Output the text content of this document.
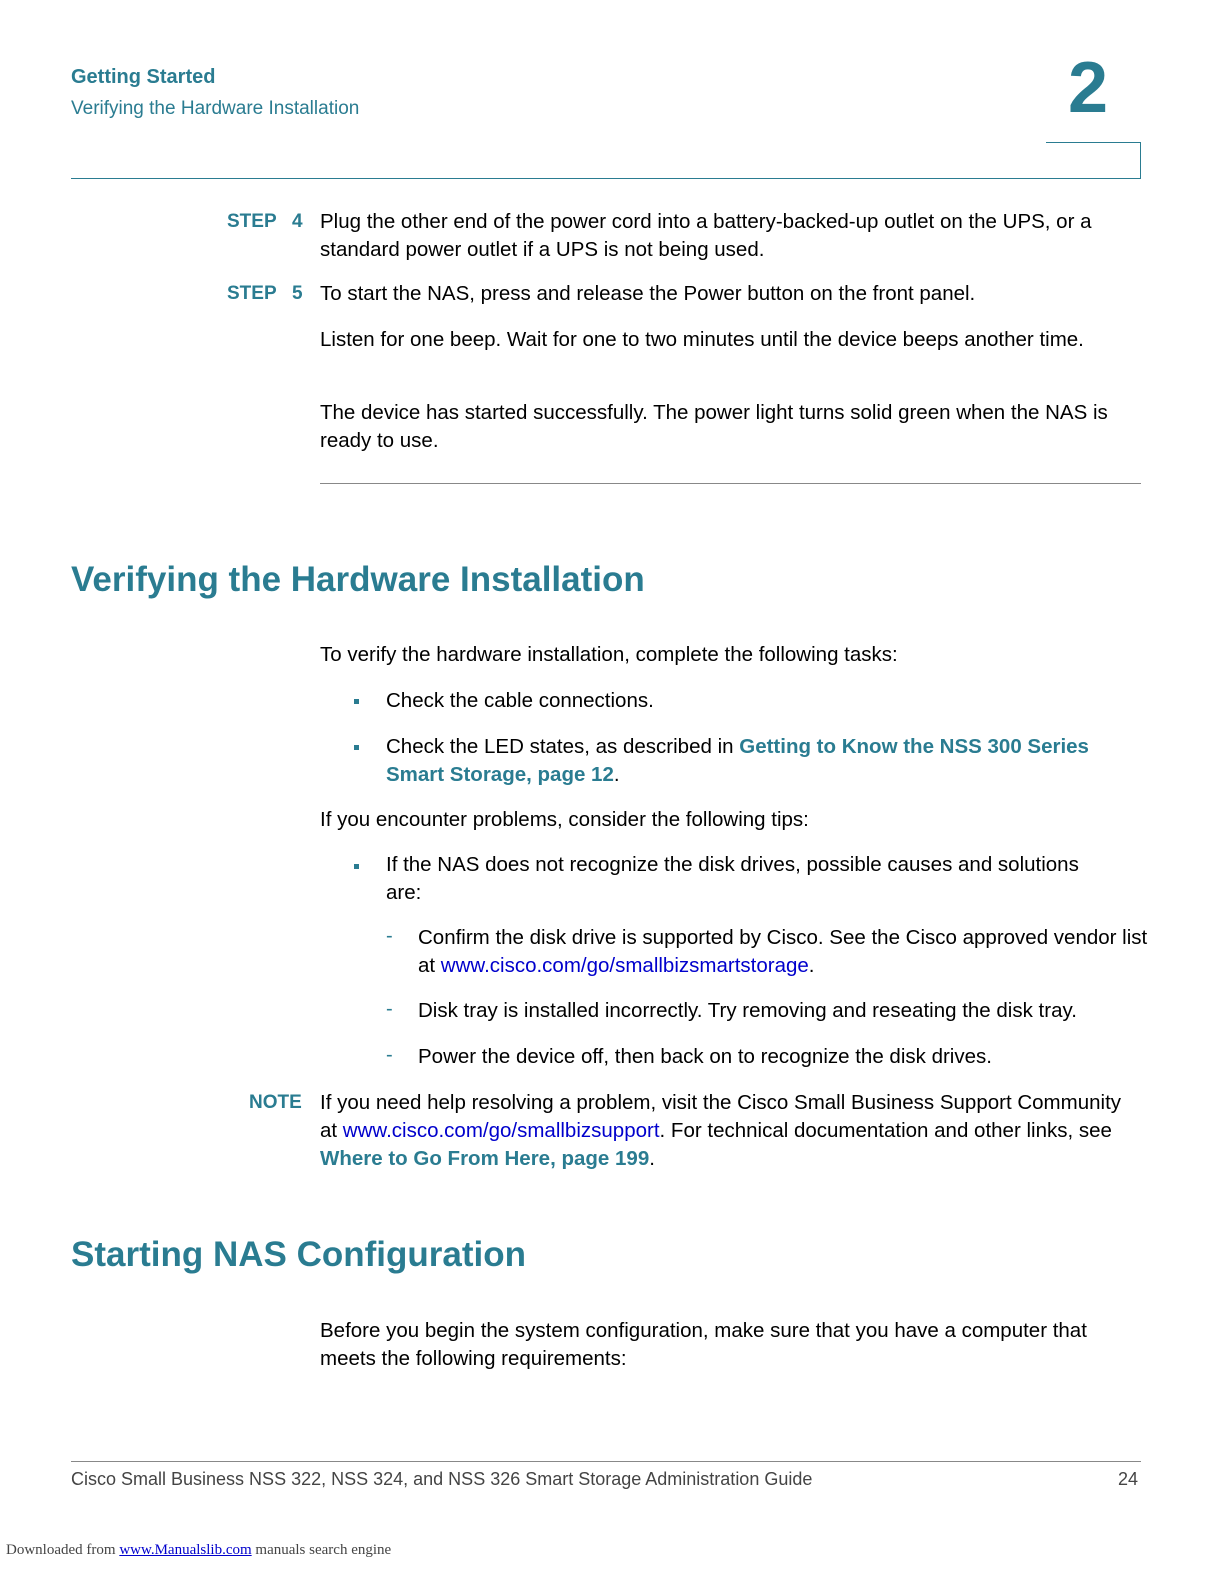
Getting Started
Verifying the Hardware Installation	2
STEP 4 Plug the other end of the power cord into a battery-backed-up outlet on the UPS, or a standard power outlet if a UPS is not being used.
STEP 5 To start the NAS, press and release the Power button on the front panel.
Listen for one beep. Wait for one to two minutes until the device beeps another time.
The device has started successfully. The power light turns solid green when the NAS is ready to use.
Verifying the Hardware Installation
To verify the hardware installation, complete the following tasks:
Check the cable connections.
Check the LED states, as described in Getting to Know the NSS 300 Series Smart Storage, page 12.
If you encounter problems, consider the following tips:
If the NAS does not recognize the disk drives, possible causes and solutions are:
- Confirm the disk drive is supported by Cisco. See the Cisco approved vendor list at www.cisco.com/go/smallbizsmartstorage.
- Disk tray is installed incorrectly. Try removing and reseating the disk tray.
- Power the device off, then back on to recognize the disk drives.
NOTE If you need help resolving a problem, visit the Cisco Small Business Support Community at www.cisco.com/go/smallbizsupport. For technical documentation and other links, see Where to Go From Here, page 199.
Starting NAS Configuration
Before you begin the system configuration, make sure that you have a computer that meets the following requirements:
Cisco Small Business NSS 322, NSS 324, and NSS 326 Smart Storage Administration Guide	24
Downloaded from www.Manualslib.com manuals search engine
